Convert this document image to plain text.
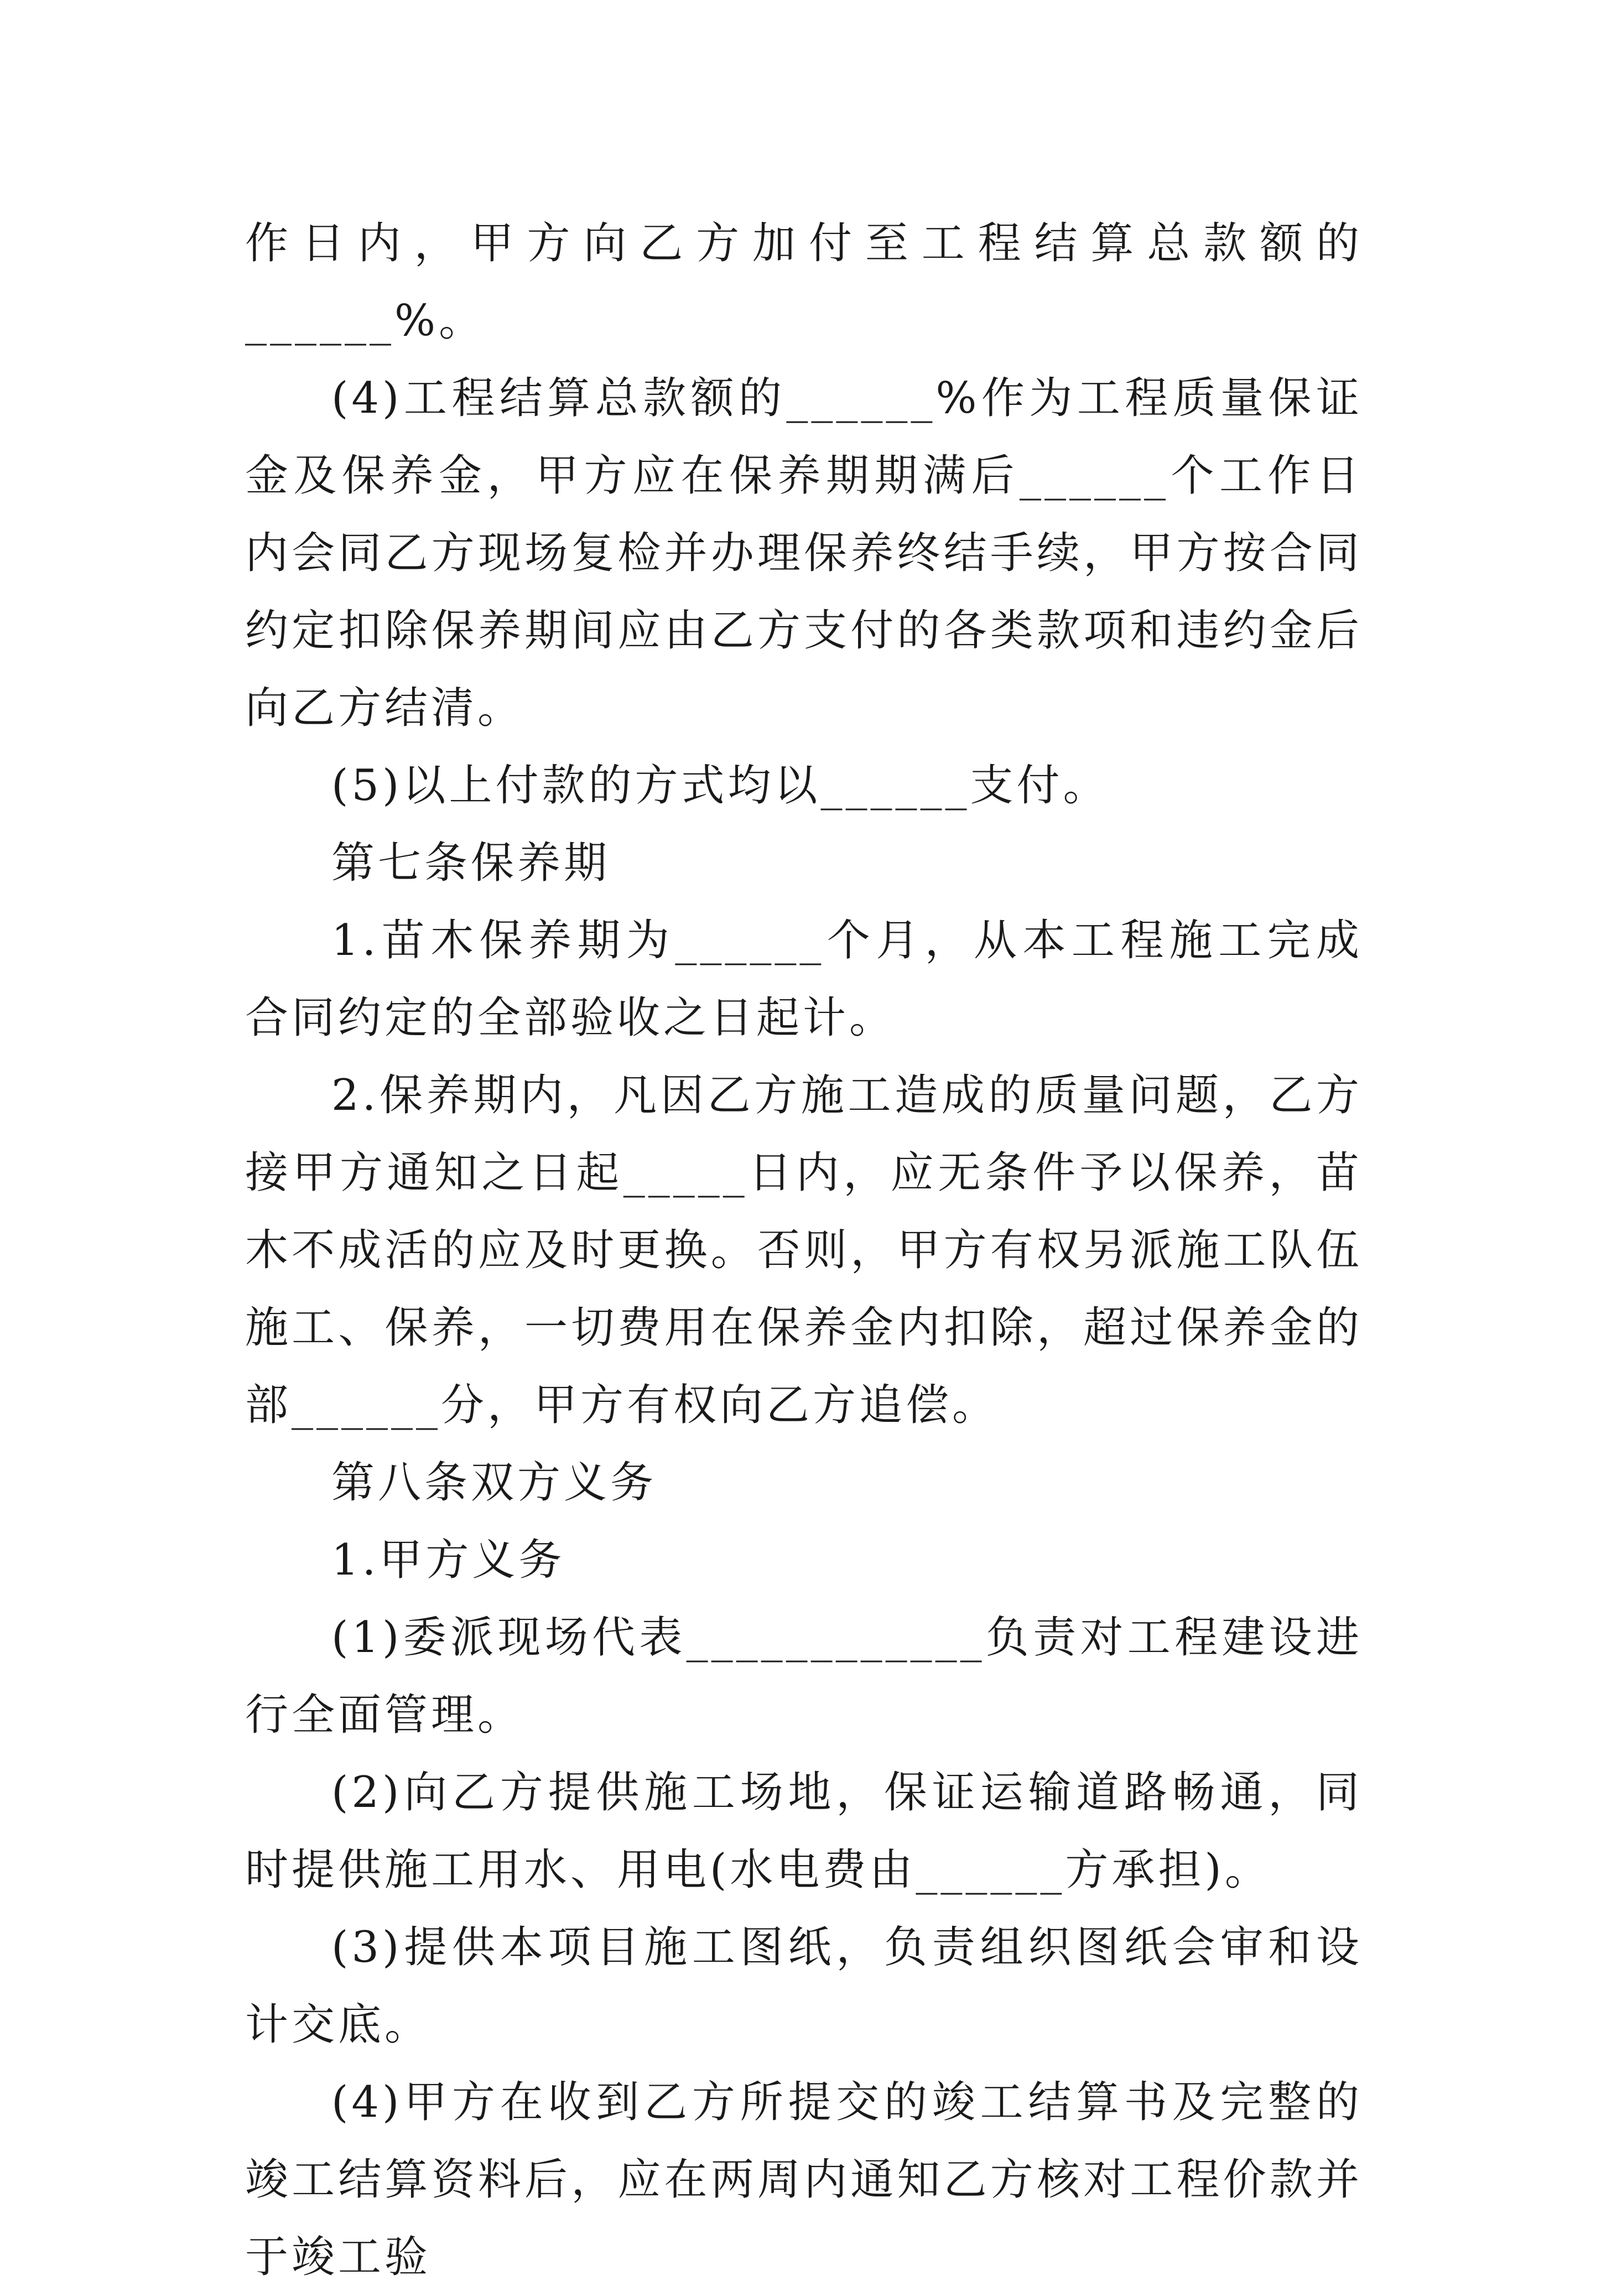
作日内，甲方向乙方加付至工程结算总款额的______%。

(4)工程结算总款额的______%作为工程质量保证金及保养金，甲方应在保养期期满后______个工作日内会同乙方现场复检并办理保养终结手续，甲方按合同约定扣除保养期间应由乙方支付的各类款项和违约金后向乙方结清。

(5)以上付款的方式均以______支付。

第七条保养期

1.苗木保养期为______个月，从本工程施工完成合同约定的全部验收之日起计。

2.保养期内，凡因乙方施工造成的质量问题，乙方接甲方通知之日起_____日内，应无条件予以保养，苗木不成活的应及时更换。否则，甲方有权另派施工队伍施工、保养，一切费用在保养金内扣除，超过保养金的部______分，甲方有权向乙方追偿。

第八条双方义务

1.甲方义务

(1)委派现场代表____________负责对工程建设进行全面管理。

(2)向乙方提供施工场地，保证运输道路畅通，同时提供施工用水、用电(水电费由______方承担)。

(3)提供本项目施工图纸，负责组织图纸会审和设计交底。

(4)甲方在收到乙方所提交的竣工结算书及完整的竣工结算资料后，应在两周内通知乙方核对工程价款并于竣工验
